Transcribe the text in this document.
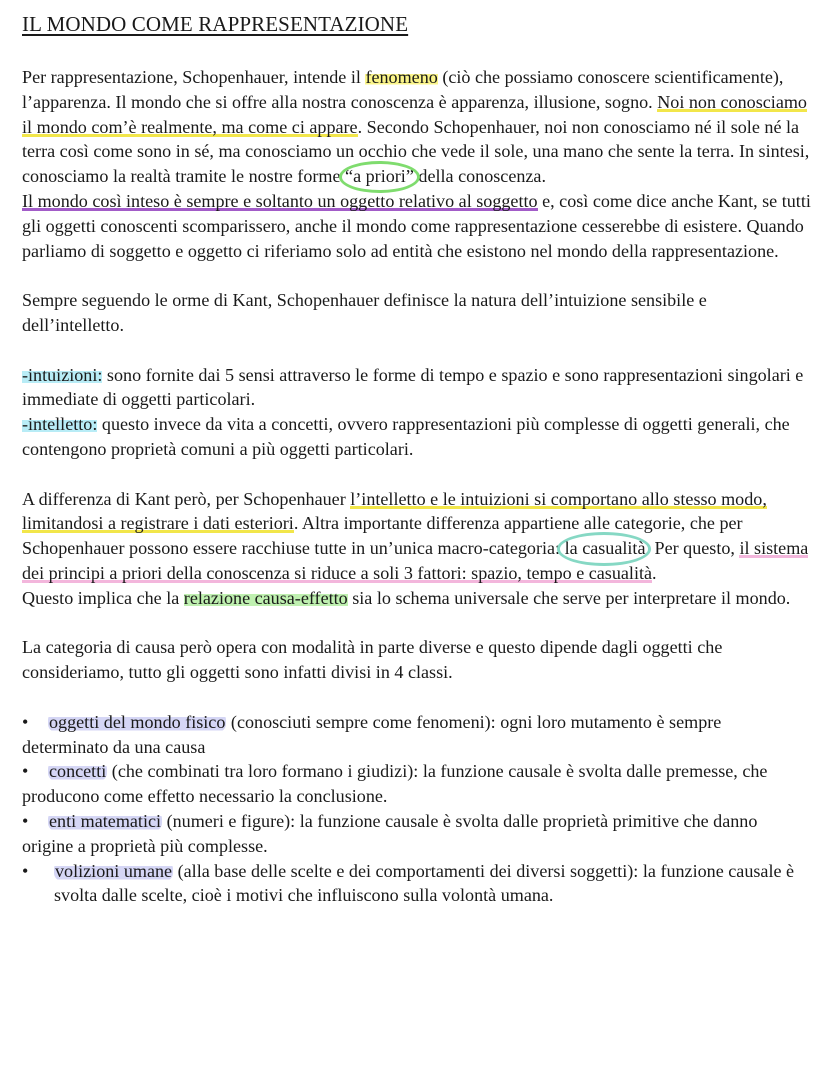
IL MONDO COME RAPPRESENTAZIONE

Per rappresentazione, Schopenhauer, intende il fenomeno (ciò che possiamo conoscere scientificamente), l’apparenza. Il mondo che si offre alla nostra conoscenza è apparenza, illusione, sogno. Noi non conosciamo il mondo com’è realmente, ma come ci appare. Secondo Schopenhauer, noi non conosciamo né il sole né la terra così come sono in sé, ma conosciamo un occhio che vede il sole, una mano che sente la terra. In sintesi, conosciamo la realtà tramite le nostre forme “a priori” della conoscenza.
Il mondo così inteso è sempre e soltanto un oggetto relativo al soggetto e, così come dice anche Kant, se tutti gli oggetti conoscenti scomparissero, anche il mondo come rappresentazione cesserebbe di esistere. Quando parliamo di soggetto e oggetto ci riferiamo solo ad entità che esistono nel mondo della rappresentazione.

Sempre seguendo le orme di Kant, Schopenhauer definisce la natura dell’intuizione sensibile e dell’intelletto.

-intuizioni: sono fornite dai 5 sensi attraverso le forme di tempo e spazio e sono rappresentazioni singolari e immediate di oggetti particolari.
-intelletto: questo invece da vita a concetti, ovvero rappresentazioni più complesse di oggetti generali, che contengono proprietà comuni a più oggetti particolari.

A differenza di Kant però, per Schopenhauer l’intelletto e le intuizioni si comportano allo stesso modo, limitandosi a registrare i dati esteriori. Altra importante differenza appartiene alle categorie, che per Schopenhauer possono essere racchiuse tutte in un’unica macro-categoria: la casualità. Per questo, il sistema dei principi a priori della conoscenza si riduce a soli 3 fattori: spazio, tempo e casualità.
Questo implica che la relazione causa-effetto sia lo schema universale che serve per interpretare il mondo.

La categoria di causa però opera con modalità in parte diverse e questo dipende dagli oggetti che consideriamo, tutto gli oggetti sono infatti divisi in 4 classi.

• oggetti del mondo fisico (conosciuti sempre come fenomeni): ogni loro mutamento è sempre determinato da una causa
• concetti (che combinati tra loro formano i giudizi): la funzione causale è svolta dalle premesse, che producono come effetto necessario la conclusione.
• enti matematici (numeri e figure): la funzione causale è svolta dalle proprietà primitive che danno origine a proprietà più complesse.
•	volizioni umane (alla base delle scelte e dei comportamenti dei diversi soggetti): la funzione causale è svolta dalle scelte, cioè i motivi che influiscono sulla volontà umana.
